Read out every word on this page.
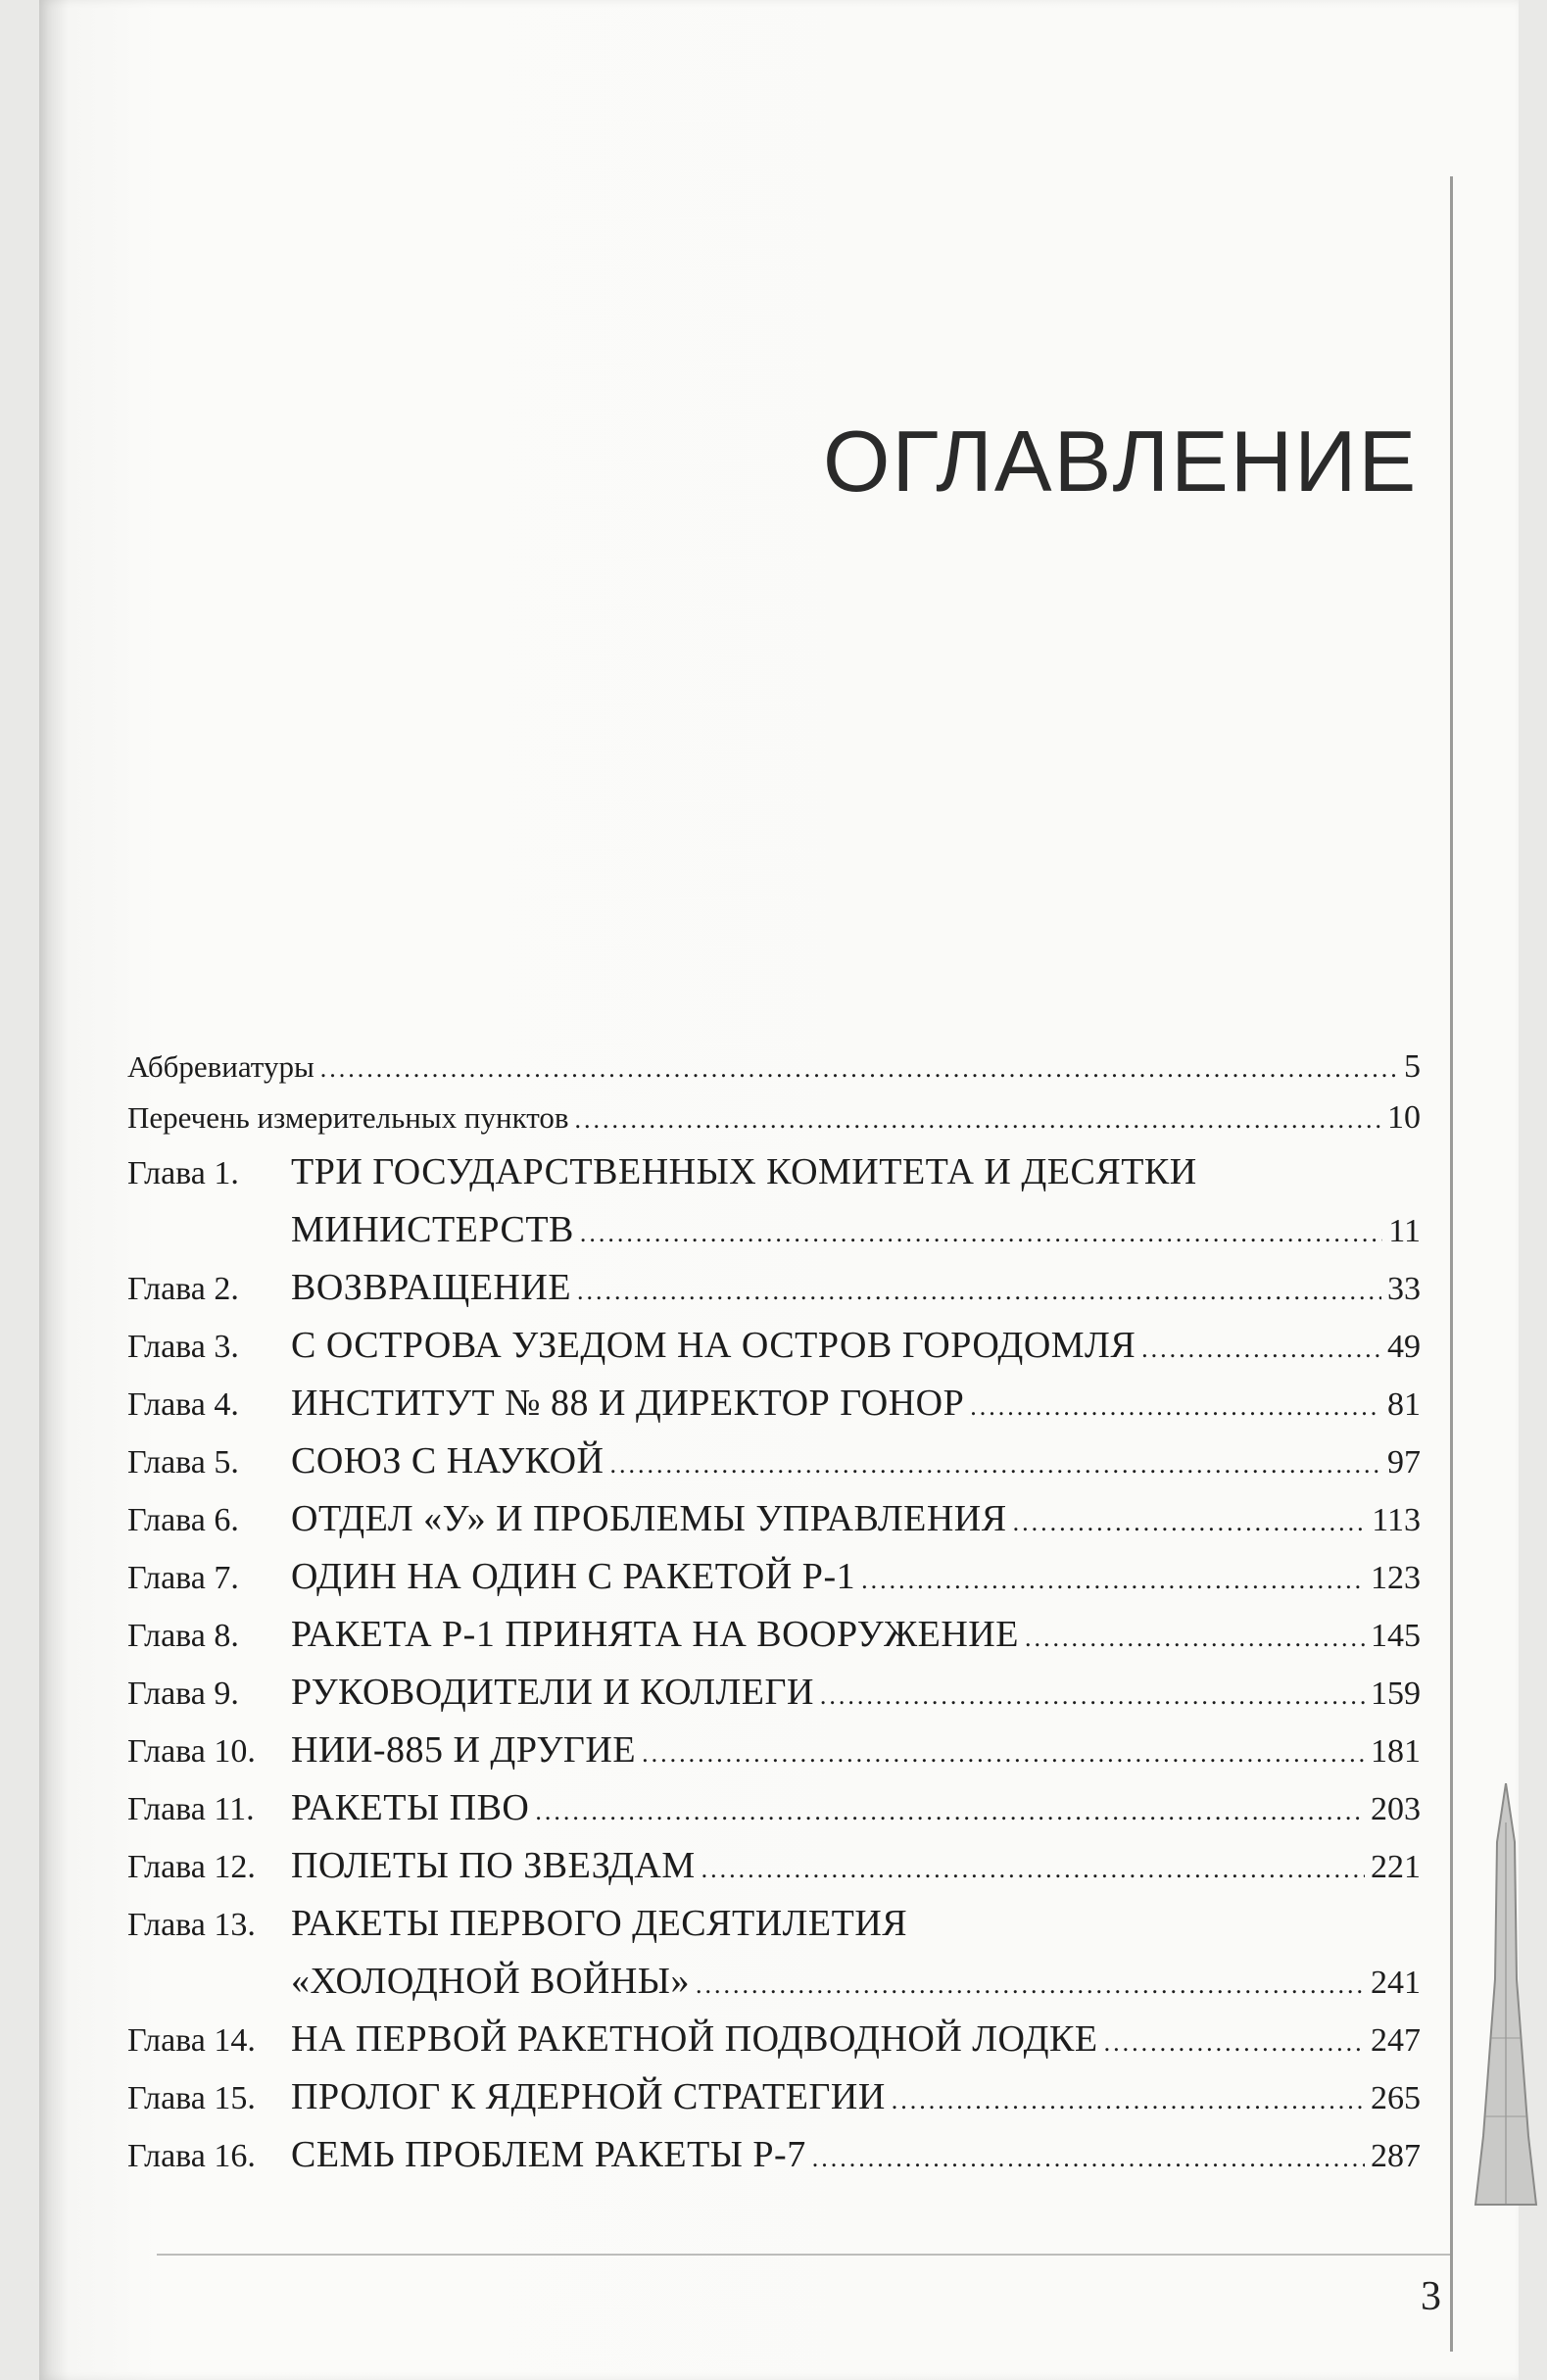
ОГЛАВЛЕНИЕ
Аббревиатуры .....	5
Перечень измерительных пунктов .....	10
Глава 1.	ТРИ ГОСУДАРСТВЕННЫХ КОМИТЕТА И ДЕСЯТКИ
МИНИСТЕРСТВ .....	11
Глава 2.	ВОЗВРАЩЕНИЕ .....	33
Глава 3.	С ОСТРОВА УЗЕДОМ НА ОСТРОВ ГОРОДОМЛЯ .....	49
Глава 4.	ИНСТИТУТ № 88 И ДИРЕКТОР ГОНОР .....	81
Глава 5.	СОЮЗ С НАУКОЙ .....	97
Глава 6.	ОТДЕЛ «У» И ПРОБЛЕМЫ УПРАВЛЕНИЯ .....	113
Глава 7.	ОДИН НА ОДИН С РАКЕТОЙ Р-1 .....	123
Глава 8.	РАКЕТА Р-1 ПРИНЯТА НА ВООРУЖЕНИЕ .....	145
Глава 9.	РУКОВОДИТЕЛИ И КОЛЛЕГИ .....	159
Глава 10. НИИ-885 И ДРУГИЕ .....	181
Глава 11. РАКЕТЫ ПВО .....	203
Глава 12. ПОЛЕТЫ ПО ЗВЕЗДАМ .....	221
Глава 13. РАКЕТЫ ПЕРВОГО ДЕСЯТИЛЕТИЯ
«ХОЛОДНОЙ ВОЙНЫ» .....	241
Глава 14. НА ПЕРВОЙ РАКЕТНОЙ ПОДВОДНОЙ ЛОДКЕ .....	247
Глава 15. ПРОЛОГ К ЯДЕРНОЙ СТРАТЕГИИ .....	265
Глава 16. СЕМЬ ПРОБЛЕМ РАКЕТЫ Р-7 .....	287
3
